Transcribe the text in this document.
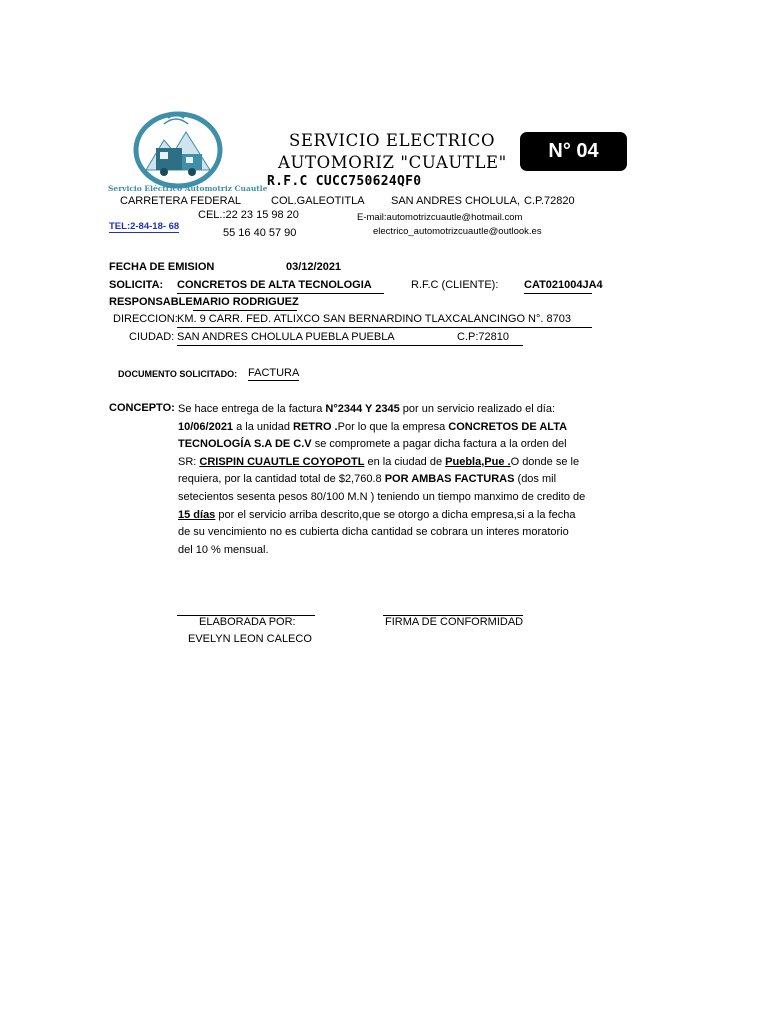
Servicio Eléctrico Automotriz Cuautle
SERVICIO ELECTRICO
AUTOMORIZ "CUAUTLE"
R.F.C CUCC750624QF0
N° 04
CARRETERA FEDERAL	COL.GALEOTITLA SAN ANDRES CHOLULA, C.P.72820
CEL.:22 23 15 98 20	E-mail:automotrizcuautle@hotmail.com
TEL:2-84-18- 68
55 16 40 57 90	electrico_automotrizcuautle@outlook.es
FECHA DE EMISION	03/12/2021
SOLICITA: CONCRETOS DE ALTA TECNOLOGIA	R.F.C (CLIENTE): CAT021004JA4
RESPONSABLE:
MARIO RODRIGUEZ
DIRECCION: KM. 9 CARR. FED. ATLIXCO SAN BERNARDINO TLAXCALANCINGO N°. 8703
CIUDAD: SAN ANDRES CHOLULA PUEBLA PUEBLA	C.P:72810
DOCUMENTO SOLICITADO: FACTURA
CONCEPTO: Se hace entrega de la factura N°2344 Y 2345 por un servicio realizado el día: 10/06/2021 a la unidad RETRO .Por lo que la empresa CONCRETOS DE ALTA TECNOLOGÍA S.A DE C.V se compromete a pagar dicha factura a la orden del SR: CRISPIN CUAUTLE COYOPOTL en la ciudad de Puebla,Pue .O donde se le requiera, por la cantidad total de $2,760.8 POR AMBAS FACTURAS (dos mil setecientos sesenta pesos 80/100 M.N ) teniendo un tiempo manximo de credito de 15 días por el servicio arriba descrito,que se otorgo a dicha empresa,si a la fecha de su vencimiento no es cubierta dicha cantidad se cobrara un interes moratorio del 10 % mensual.
ELABORADA POR:
EVELYN LEON CALECO
FIRMA DE CONFORMIDAD
